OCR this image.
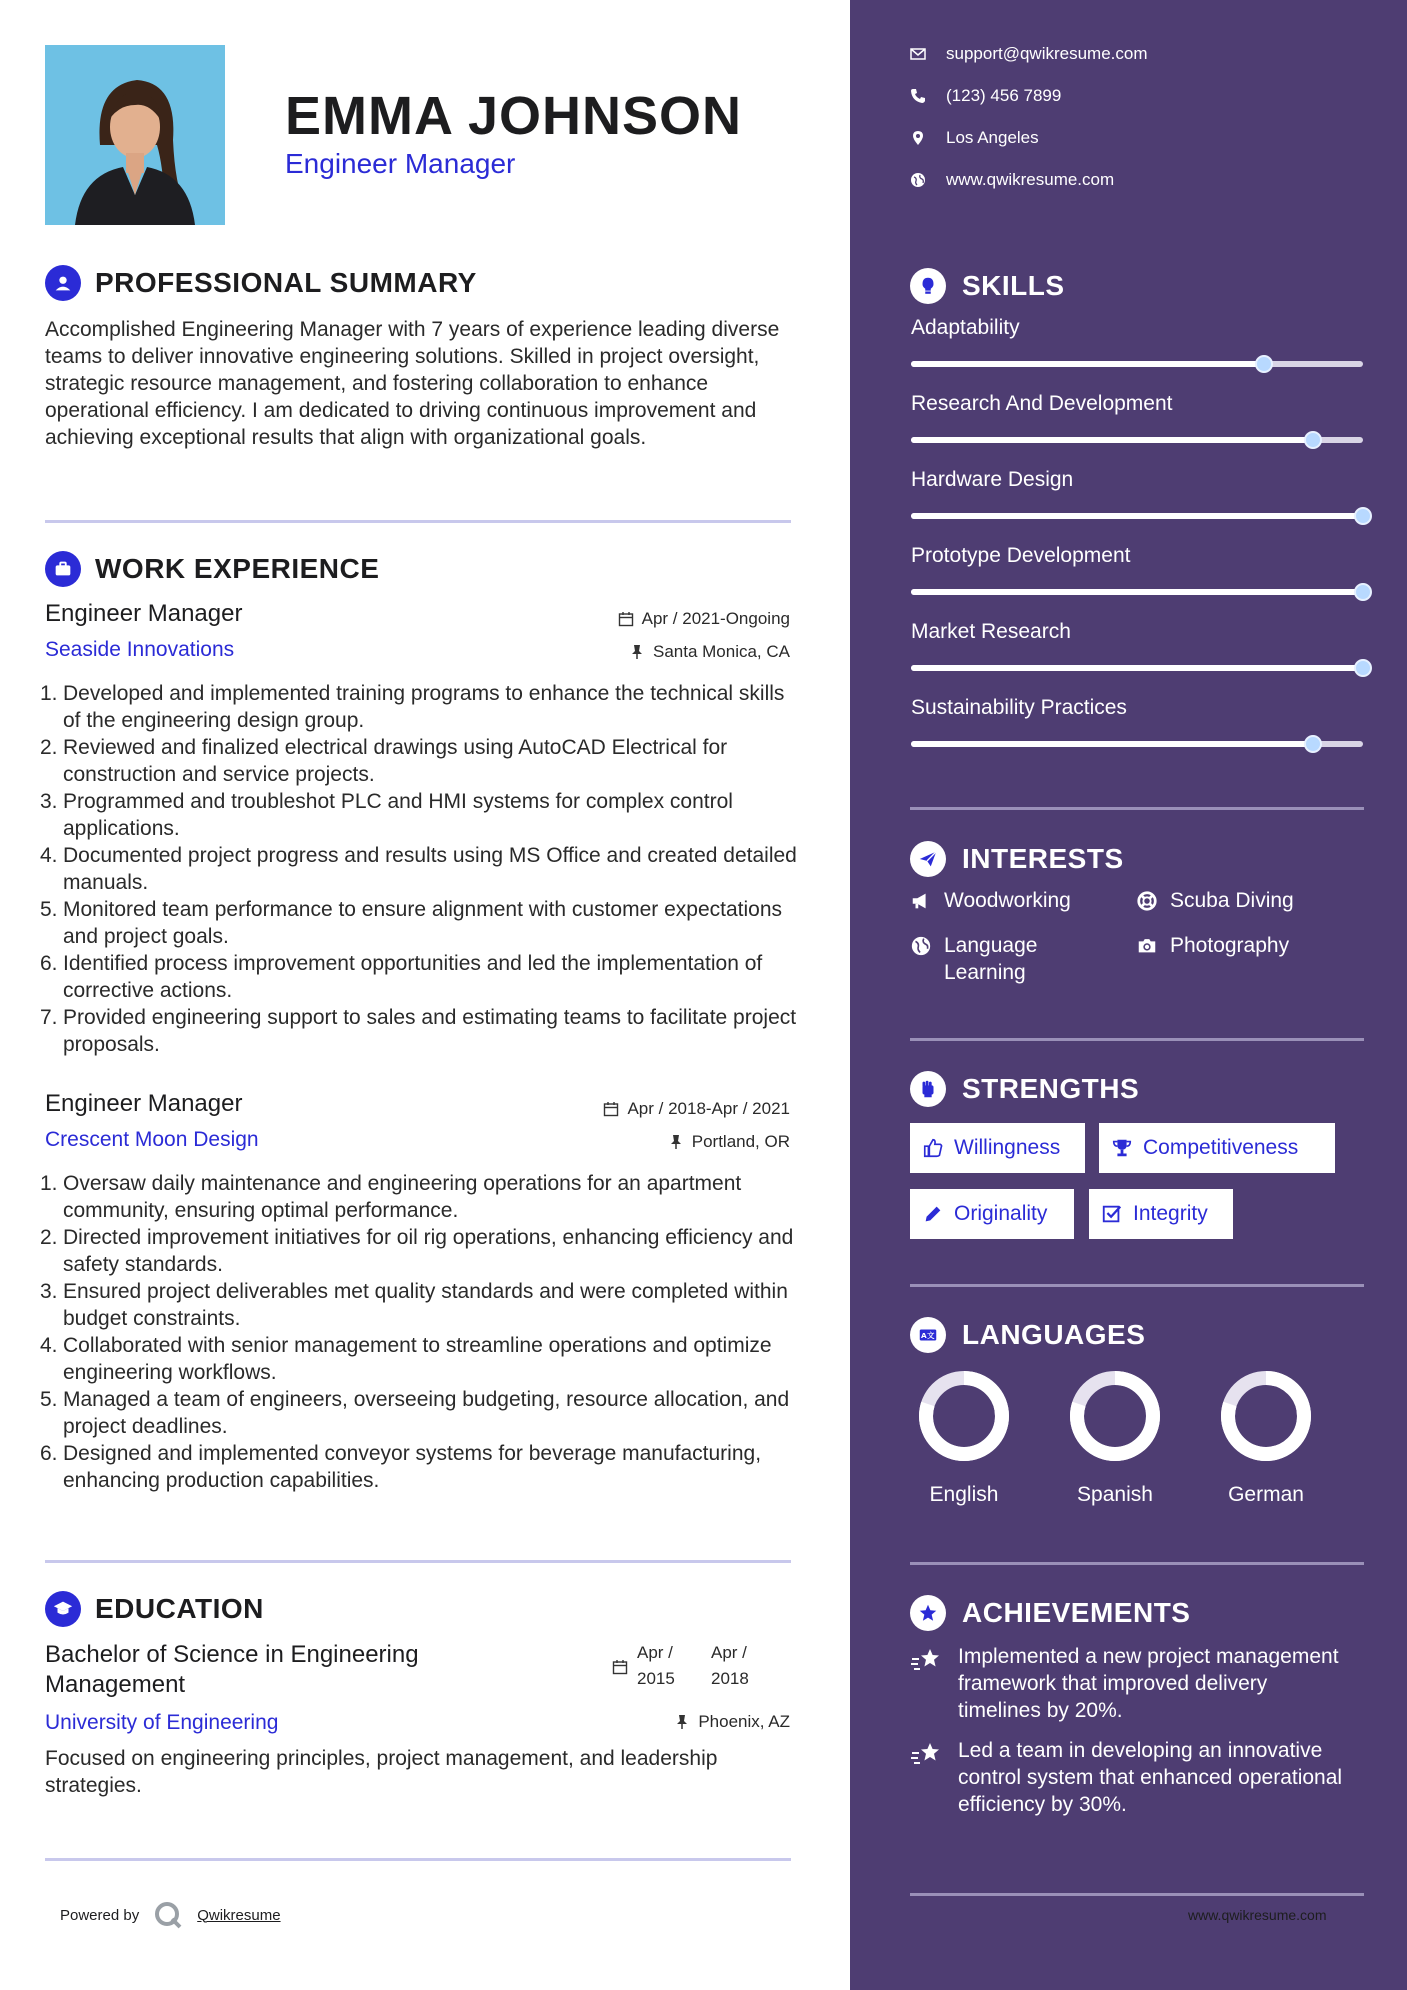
EMMA JOHNSON
Engineer Manager
PROFESSIONAL SUMMARY
Accomplished Engineering Manager with 7 years of experience leading diverse teams to deliver innovative engineering solutions. Skilled in project oversight, strategic resource management, and fostering collaboration to enhance operational efficiency. I am dedicated to driving continuous improvement and achieving exceptional results that align with organizational goals.
WORK EXPERIENCE
Engineer Manager
Seaside Innovations
Apr / 2021-Ongoing
Santa Monica, CA
1. Developed and implemented training programs to enhance the technical skills of the engineering design group.
2. Reviewed and finalized electrical drawings using AutoCAD Electrical for construction and service projects.
3. Programmed and troubleshot PLC and HMI systems for complex control applications.
4. Documented project progress and results using MS Office and created detailed manuals.
5. Monitored team performance to ensure alignment with customer expectations and project goals.
6. Identified process improvement opportunities and led the implementation of corrective actions.
7. Provided engineering support to sales and estimating teams to facilitate project proposals.
Engineer Manager
Crescent Moon Design
Apr / 2018-Apr / 2021
Portland, OR
1. Oversaw daily maintenance and engineering operations for an apartment community, ensuring optimal performance.
2. Directed improvement initiatives for oil rig operations, enhancing efficiency and safety standards.
3. Ensured project deliverables met quality standards and were completed within budget constraints.
4. Collaborated with senior management to streamline operations and optimize engineering workflows.
5. Managed a team of engineers, overseeing budgeting, resource allocation, and project deadlines.
6. Designed and implemented conveyor systems for beverage manufacturing, enhancing production capabilities.
EDUCATION
Bachelor of Science in Engineering
Management
University of Engineering
Apr /
2015
Apr /
2018
Phoenix, AZ
Focused on engineering principles, project management, and leadership strategies.
Powered by	Qwikresume
support@qwikresume.com
(123) 456 7899
Los Angeles
www.qwikresume.com
SKILLS
Adaptability
Research And Development
Hardware Design
Prototype Development
Market Research
Sustainability Practices
INTERESTS
Woodworking	Scuba Diving
Language Learning
Photography
STRENGTHS
Willingness	Competitiveness
Originality	Integrity
A文 LANGUAGES
English	Spanish	German
ACHIEVEMENTS
Implemented a new project management framework that improved delivery timelines by 20%.
Led a team in developing an innovative control system that enhanced operational efficiency by 30%.
www.qwikresume.com
